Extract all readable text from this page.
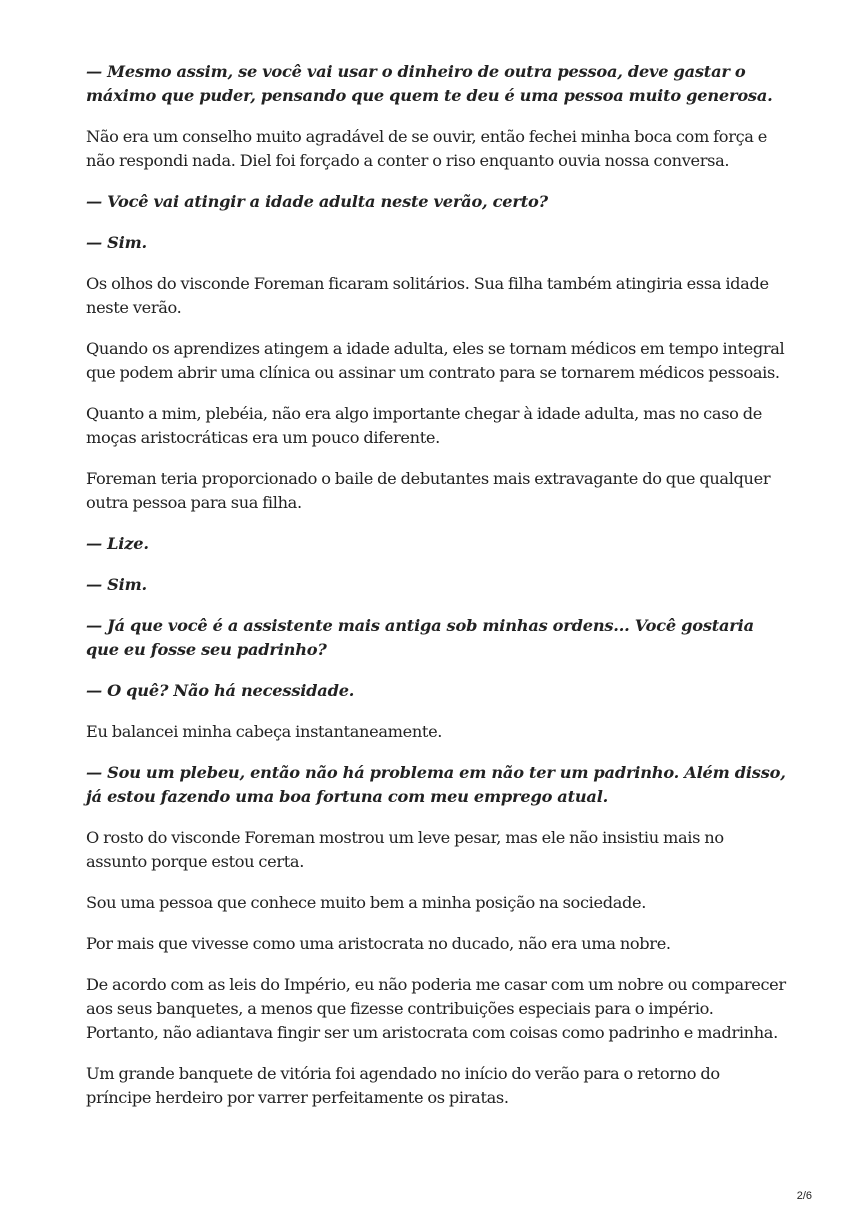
— Mesmo assim, se você vai usar o dinheiro de outra pessoa, deve gastar o máximo que puder, pensando que quem te deu é uma pessoa muito generosa.

Não era um conselho muito agradável de se ouvir, então fechei minha boca com força e não respondi nada. Diel foi forçado a conter o riso enquanto ouvia nossa conversa.

— Você vai atingir a idade adulta neste verão, certo?

— Sim.

Os olhos do visconde Foreman ficaram solitários. Sua filha também atingiria essa idade neste verão.

Quando os aprendizes atingem a idade adulta, eles se tornam médicos em tempo integral que podem abrir uma clínica ou assinar um contrato para se tornarem médicos pessoais.

Quanto a mim, plebéia, não era algo importante chegar à idade adulta, mas no caso de moças aristocráticas era um pouco diferente.

Foreman teria proporcionado o baile de debutantes mais extravagante do que qualquer outra pessoa para sua filha.

— Lize.

— Sim.

— Já que você é a assistente mais antiga sob minhas ordens... Você gostaria que eu fosse seu padrinho?

— O quê? Não há necessidade.

Eu balancei minha cabeça instantaneamente.

— Sou um plebeu, então não há problema em não ter um padrinho. Além disso, já estou fazendo uma boa fortuna com meu emprego atual.

O rosto do visconde Foreman mostrou um leve pesar, mas ele não insistiu mais no assunto porque estou certa.

Sou uma pessoa que conhece muito bem a minha posição na sociedade.

Por mais que vivesse como uma aristocrata no ducado, não era uma nobre.

De acordo com as leis do Império, eu não poderia me casar com um nobre ou comparecer aos seus banquetes, a menos que fizesse contribuições especiais para o império. Portanto, não adiantava fingir ser um aristocrata com coisas como padrinho e madrinha.

Um grande banquete de vitória foi agendado no início do verão para o retorno do príncipe herdeiro por varrer perfeitamente os piratas.

2/6
